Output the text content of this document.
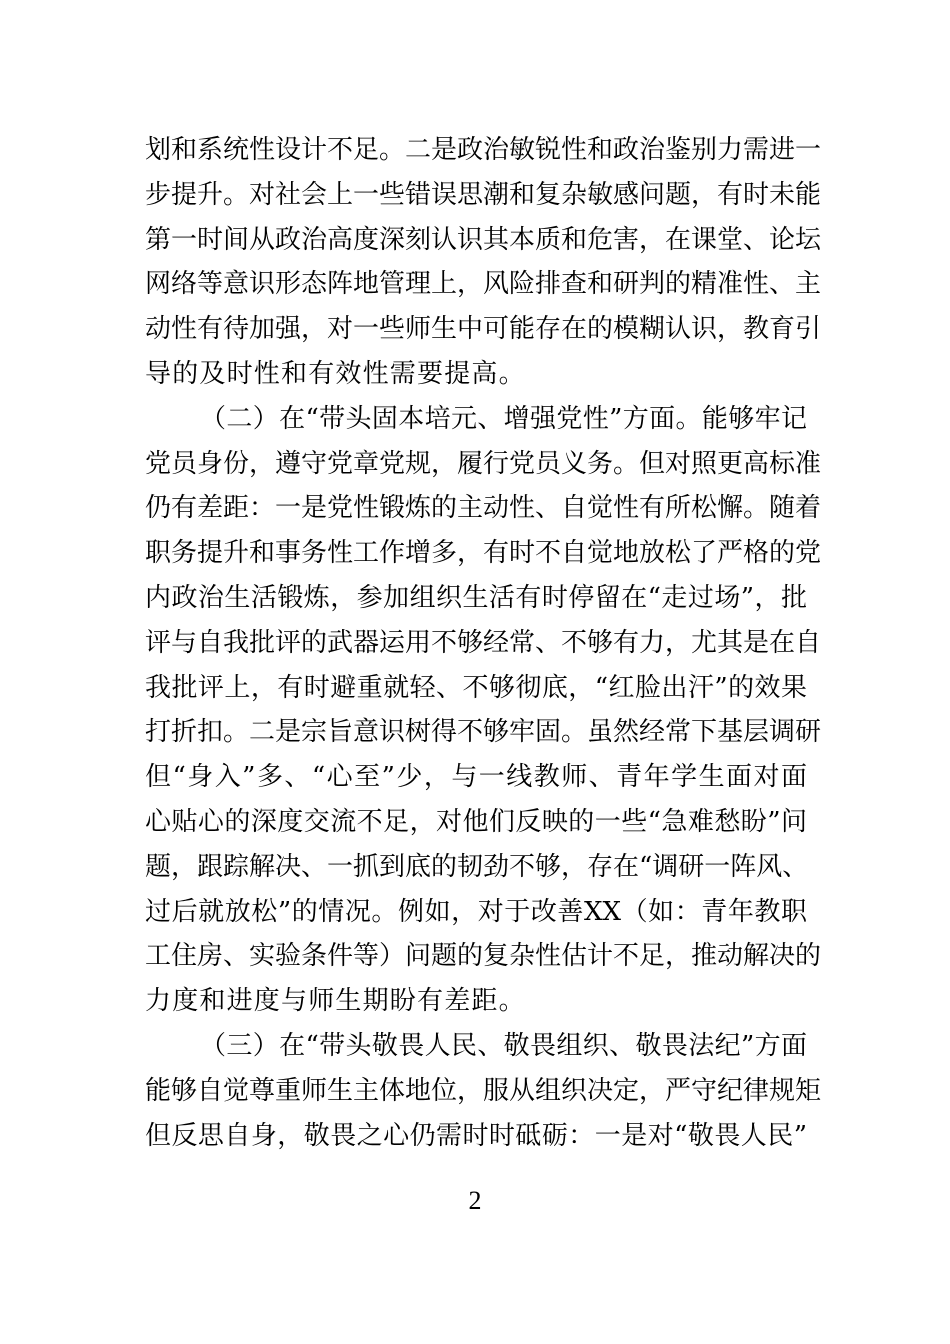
划和系统性设计不足。二是政治敏锐性和政治鉴别力需进一
步提升。对社会上一些错误思潮和复杂敏感问题，有时未能
第一时间从政治高度深刻认识其本质和危害，在课堂、论坛
网络等意识形态阵地管理上，风险排查和研判的精准性、主
动性有待加强，对一些师生中可能存在的模糊认识，教育引
导的及时性和有效性需要提高。
（二）在“带头固本培元、增强党性”方面。能够牢记
党员身份，遵守党章党规，履行党员义务。但对照更高标准
仍有差距：一是党性锻炼的主动性、自觉性有所松懈。随着
职务提升和事务性工作增多，有时不自觉地放松了严格的党
内政治生活锻炼，参加组织生活有时停留在“走过场”，批
评与自我批评的武器运用不够经常、不够有力，尤其是在自
我批评上，有时避重就轻、不够彻底，“红脸出汗”的效果
打折扣。二是宗旨意识树得不够牢固。虽然经常下基层调研
但“身入”多、“心至”少，与一线教师、青年学生面对面
心贴心的深度交流不足，对他们反映的一些“急难愁盼”问
题，跟踪解决、一抓到底的韧劲不够，存在“调研一阵风、
过后就放松”的情况。例如，对于改善XX（如：青年教职
工住房、实验条件等）问题的复杂性估计不足，推动解决的
力度和进度与师生期盼有差距。
（三）在“带头敬畏人民、敬畏组织、敬畏法纪”方面
能够自觉尊重师生主体地位，服从组织决定，严守纪律规矩
但反思自身，敬畏之心仍需时时砥砺：一是对“敬畏人民”
2
